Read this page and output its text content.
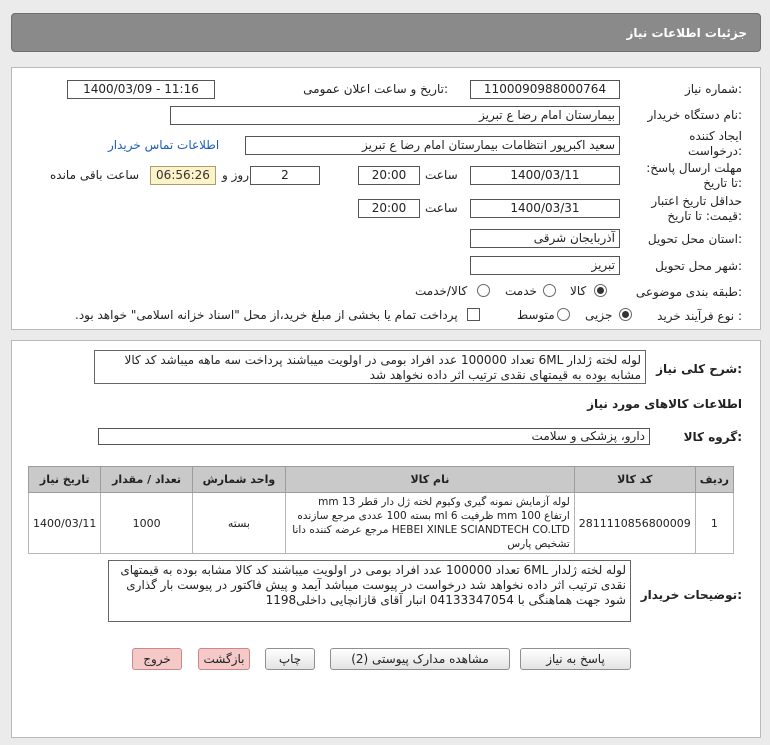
جزئیات اطلاعات نیاز
شماره نیاز:
1100090988000764
تاریخ و ساعت اعلان عمومی:
1400/03/09 - 11:16
نام دستگاه خریدار:
بیمارستان امام رضا ع تبریز
ایجاد کننده درخواست:
سعید اکبرپور انتظامات بیمارستان امام رضا ع تبریز
اطلاعات تماس خریدار
مهلت ارسال پاسخ: تا تاریخ:
1400/03/11
ساعت
20:00
2
روز و
06:56:26
ساعت باقی مانده
حداقل تاریخ اعتبار قیمت: تا تاریخ:
1400/03/31
ساعت
20:00
استان محل تحویل:
آذربایجان شرقی
شهر محل تحویل:
تبریز
طبقه بندی موضوعی:
کالا
خدمت
کالا/خدمت
نوع فرآیند خرید :
جزیی
متوسط
پرداخت تمام یا بخشی از مبلغ خرید،از محل "اسناد خزانه اسلامی" خواهد بود.
شرح کلی نیاز:
لوله لخته ژلدار 6ML تعداد 100000 عدد افراد بومی در اولویت میباشند پرداخت سه ماهه میباشد کد کالا مشابه بوده به قیمتهای نقدی ترتیب اثر داده نخواهد شد
اطلاعات کالاهای مورد نیاز
گروه کالا:
دارو، پزشکی و سلامت
ردیف	کد کالا	نام کالا	واحد شمارش	تعداد / مقدار	تاریخ نیاز
1	2811110856800009	لوله آزمایش نمونه گیری وکیوم لخته ژل دار قطر mm 13 ارتفاع mm 100 ظرفیت ml 6 بسته 100 عددی مرجع سازنده HEBEI XINLE SCIANDTECH CO.LTD مرجع عرضه کننده دانا تشخیص پارس	بسته	1000	1400/03/11
توضیحات خریدار:
لوله لخته ژلدار 6ML تعداد 100000 عدد افراد بومی در اولویت میباشند کد کالا مشابه بوده به قیمتهای نقدی ترتیب اثر داده نخواهد شد درخواست در پیوست میباشد آیمد و پیش فاکتور در پیوست بار گذاری شود جهت هماهنگی با 04133347054 انبار آقای قازانچایی داخلی1198
پاسخ به نیاز
مشاهده مدارک پیوستی (2)
چاپ
بازگشت
خروج
